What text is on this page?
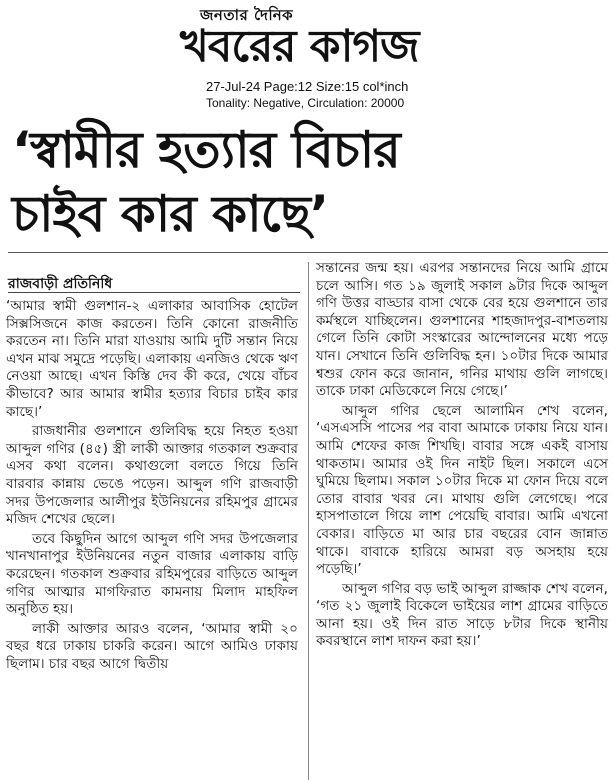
জনতার দৈনিক
খবরের কাগজ
27-Jul-24 Page:12 Size:15 col*inch
Tonality: Negative, Circulation: 20000
‘স্বামীর হত্যার বিচার
চাইব কার কাছে’
রাজবাড়ী প্রতিনিধি

‘আমার স্বামী গুলশান-২ এলাকার আবাসিক হোটেল সিক্সসিজনে কাজ করতেন। তিনি কোনো রাজনীতি করতেন না। তিনি মারা যাওয়ায় আমি দুটি সন্তান নিয়ে এখন মাঝ সমুদ্রে পড়েছি। এলাকায় এনজিও থেকে ঋণ নেওয়া আছে। এখন কিস্তি দেব কী করে, খেয়ে বাঁচব কীভাবে? আর আমার স্বামীর হত্যার বিচার চাইব কার কাছে।’

রাজধানীর গুলশানে গুলিবিদ্ধ হয়ে নিহত হওয়া আব্দুল গণির (৪৫) স্ত্রী লাকী আক্তার গতকাল শুক্রবার এসব কথা বলেন। কথাগুলো বলতে গিয়ে তিনি বারবার কান্নায় ভেঙে পড়েন। আব্দুল গণি রাজবাড়ী সদর উপজেলার আলীপুর ইউনিয়নের রহিমপুর গ্রামের মজিদ শেখের ছেলে।

তবে কিছুদিন আগে আব্দুল গণি সদর উপজেলার খানখানাপুর ইউনিয়নের নতুন বাজার এলাকায় বাড়ি করেছেন। গতকাল শুক্রবার রহিমপুরের বাড়িতে আব্দুল গণির আত্মার মাগফিরাত কামনায় মিলাদ মাহফিল অনুষ্ঠিত হয়।

লাকী আক্তার আরও বলেন, ‘আমার স্বামী ২০ বছর ধরে ঢাকায় চাকরি করেন। আগে আমিও ঢাকায় ছিলাম। চার বছর আগে দ্বিতীয়

সন্তানের জন্ম হয়। এরপর সন্তানদের নিয়ে আমি গ্রামে চলে আসি। গত ১৯ জুলাই সকাল ৯টার দিকে আব্দুল গণি উত্তর বাড্ডার বাসা থেকে বের হয়ে গুলশানে তার কর্মস্থলে যাচ্ছিলেন। গুলশানের শাহজাদপুর-বাশতলায় গেলে তিনি কোটা সংস্কারের আন্দোলনের মধ্যে পড়ে যান। সেখানে তিনি গুলিবিদ্ধ হন। ১০টার দিকে আমার শ্বশুর ফোন করে জানান, গনির মাথায় গুলি লাগছে। তাকে ঢাকা মেডিকেলে নিয়ে গেছে।’

আব্দুল গণির ছেলে আলামিন শেখ বলেন, ‘এসএসসি পাসের পর বাবা আমাকে ঢাকায় নিয়ে যান। আমি শেফের কাজ শিখছি। বাবার সঙ্গে একই বাসায় থাকতাম। আমার ওই দিন নাইট ছিল। সকালে এসে ঘুমিয়ে ছিলাম। সকাল ১০টার দিকে মা ফোন দিয়ে বলে তোর বাবার খবর নে। মাথায় গুলি লেগেছে। পরে হাসপাতালে গিয়ে লাশ পেয়েছি বাবার। আমি এখনো বেকার। বাড়িতে মা আর চার বছরের বোন জান্নাত থাকে। বাবাকে হারিয়ে আমরা বড় অসহায় হয়ে পড়েছি।’

আব্দুল গণির বড় ভাই আব্দুল রাজ্জাক শেখ বলেন, ‘গত ২১ জুলাই বিকেলে ভাইয়ের লাশ গ্রামের বাড়িতে আনা হয়। ওই দিন রাত সাড়ে ৮টার দিকে স্থানীয় কবরস্থানে লাশ দাফন করা হয়।’
